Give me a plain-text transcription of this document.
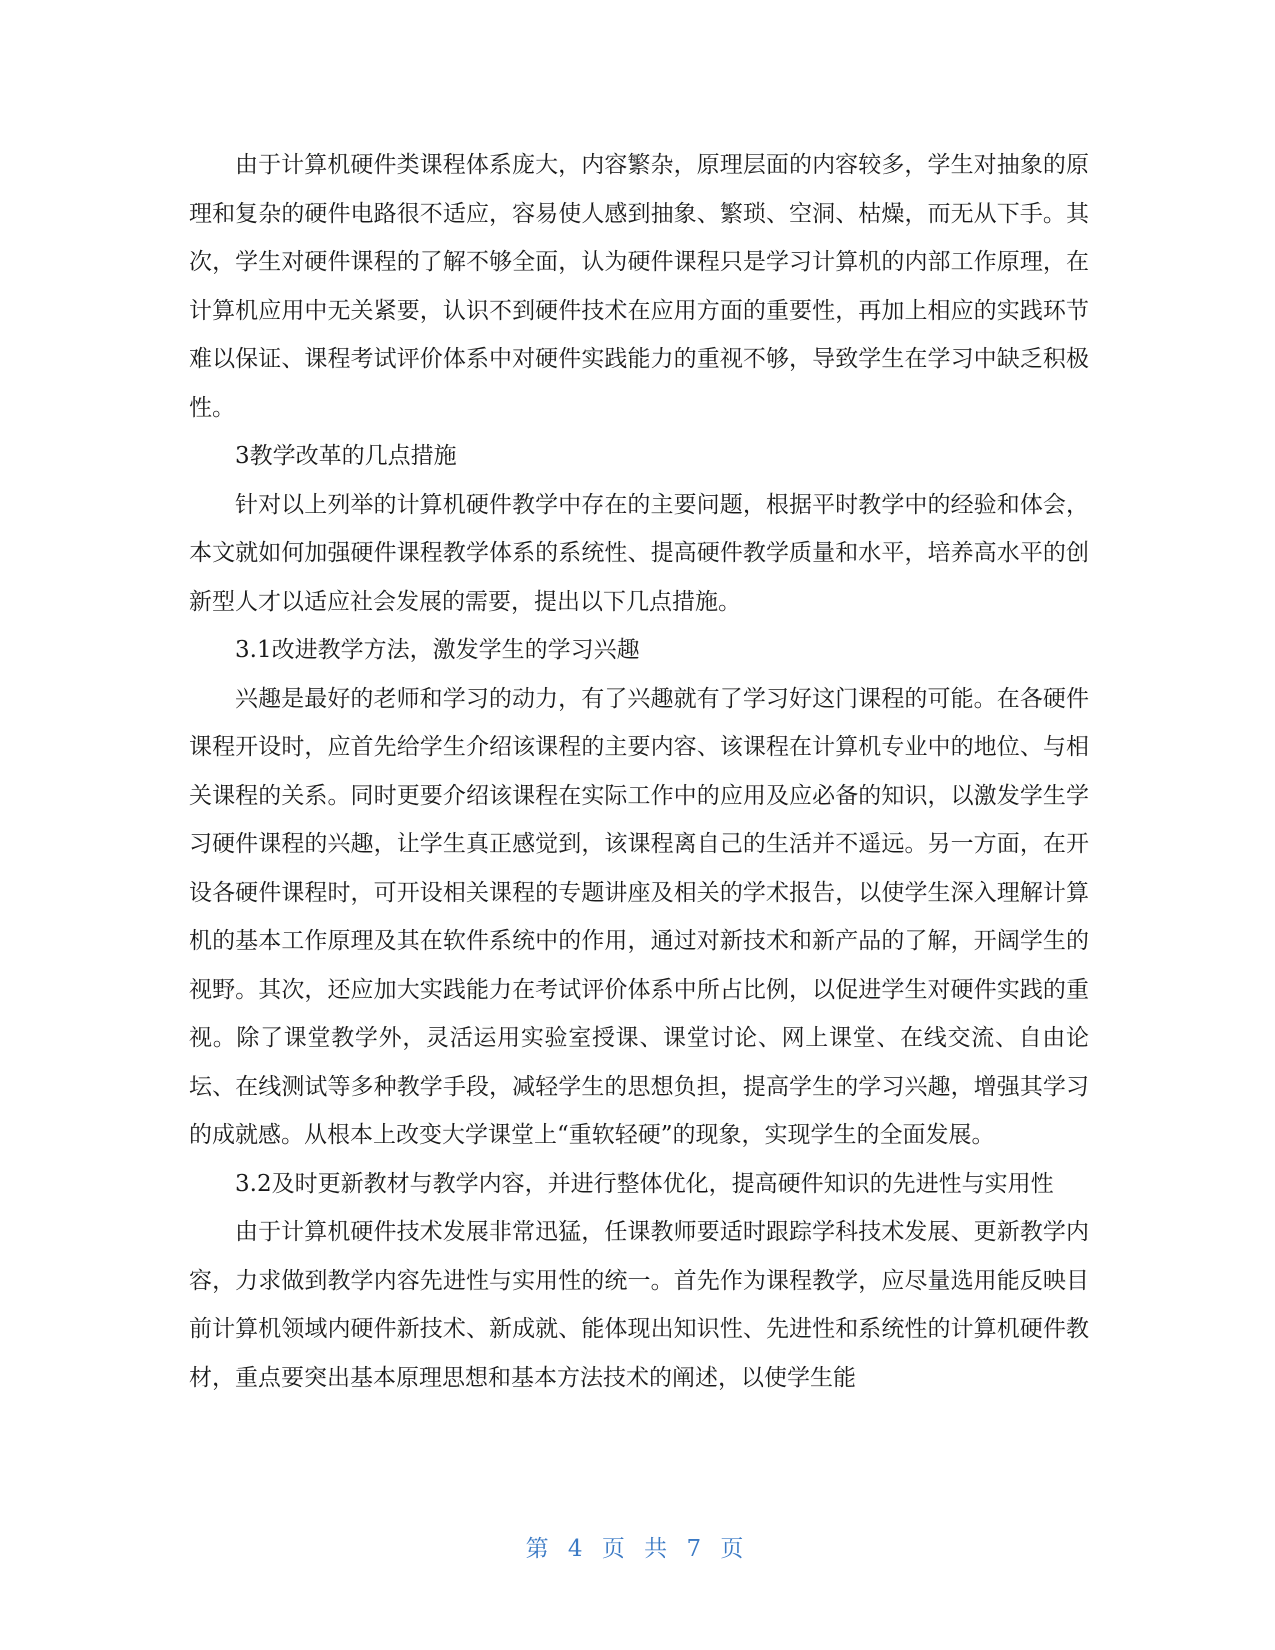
由于计算机硬件类课程体系庞大，内容繁杂，原理层面的内容较多，学生对抽象的原理和复杂的硬件电路很不适应，容易使人感到抽象、繁琐、空洞、枯燥，而无从下手。其次，学生对硬件课程的了解不够全面，认为硬件课程只是学习计算机的内部工作原理，在计算机应用中无关紧要，认识不到硬件技术在应用方面的重要性，再加上相应的实践环节难以保证、课程考试评价体系中对硬件实践能力的重视不够，导致学生在学习中缺乏积极性。

3教学改革的几点措施

针对以上列举的计算机硬件教学中存在的主要问题，根据平时教学中的经验和体会，本文就如何加强硬件课程教学体系的系统性、提高硬件教学质量和水平，培养高水平的创新型人才以适应社会发展的需要，提出以下几点措施。

3.1改进教学方法，激发学生的学习兴趣

兴趣是最好的老师和学习的动力，有了兴趣就有了学习好这门课程的可能。在各硬件课程开设时，应首先给学生介绍该课程的主要内容、该课程在计算机专业中的地位、与相关课程的关系。同时更要介绍该课程在实际工作中的应用及应必备的知识，以激发学生学习硬件课程的兴趣，让学生真正感觉到，该课程离自己的生活并不遥远。另一方面，在开设各硬件课程时，可开设相关课程的专题讲座及相关的学术报告，以使学生深入理解计算机的基本工作原理及其在软件系统中的作用，通过对新技术和新产品的了解，开阔学生的视野。其次，还应加大实践能力在考试评价体系中所占比例，以促进学生对硬件实践的重视。除了课堂教学外，灵活运用实验室授课、课堂讨论、网上课堂、在线交流、自由论坛、在线测试等多种教学手段，减轻学生的思想负担，提高学生的学习兴趣，增强其学习的成就感。从根本上改变大学课堂上“重软轻硬”的现象，实现学生的全面发展。

3.2及时更新教材与教学内容，并进行整体优化，提高硬件知识的先进性与实用性

由于计算机硬件技术发展非常迅猛，任课教师要适时跟踪学科技术发展、更新教学内容，力求做到教学内容先进性与实用性的统一。首先作为课程教学，应尽量选用能反映目前计算机领域内硬件新技术、新成就、能体现出知识性、先进性和系统性的计算机硬件教材，重点要突出基本原理思想和基本方法技术的阐述，以使学生能

第 4 页 共 7 页
